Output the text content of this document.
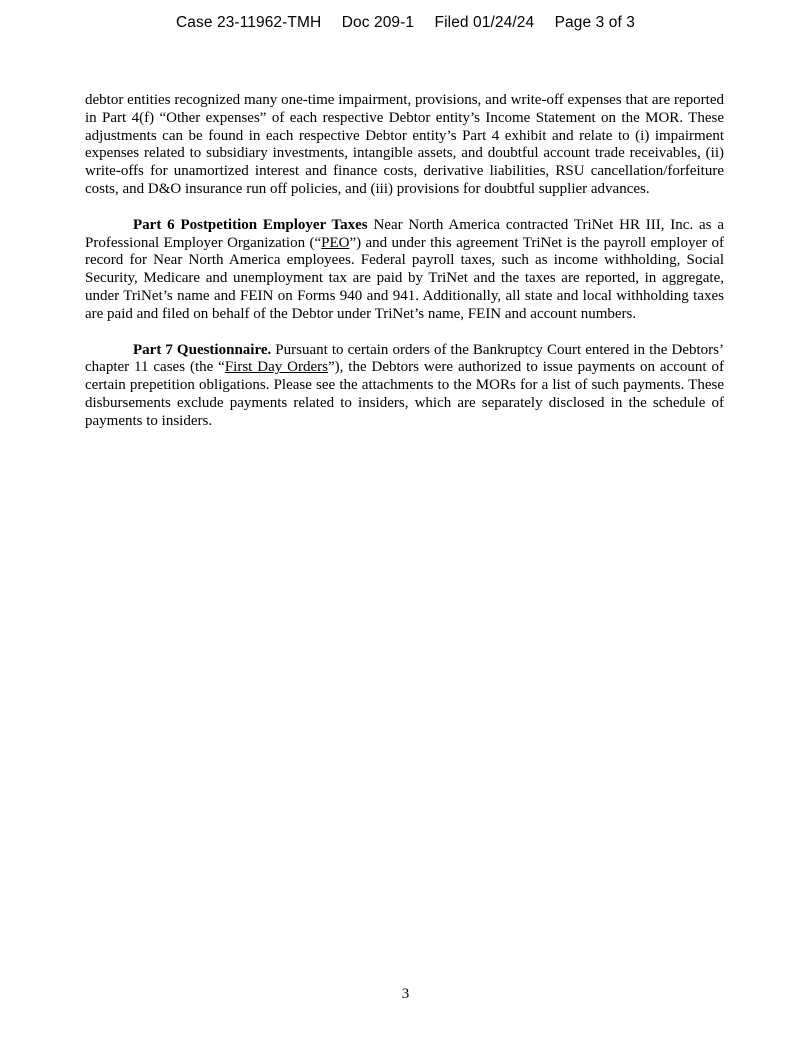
Case 23-11962-TMH Doc 209-1 Filed 01/24/24 Page 3 of 3

debtor entities recognized many one-time impairment, provisions, and write-off expenses that are reported in Part 4(f) “Other expenses” of each respective Debtor entity’s Income Statement on the MOR. These adjustments can be found in each respective Debtor entity’s Part 4 exhibit and relate to (i) impairment expenses related to subsidiary investments, intangible assets, and doubtful account trade receivables, (ii) write-offs for unamortized interest and finance costs, derivative liabilities, RSU cancellation/forfeiture costs, and D&O insurance run off policies, and (iii) provisions for doubtful supplier advances.

Part 6 Postpetition Employer Taxes Near North America contracted TriNet HR III, Inc. as a Professional Employer Organization (“PEO”) and under this agreement TriNet is the payroll employer of record for Near North America employees. Federal payroll taxes, such as income withholding, Social Security, Medicare and unemployment tax are paid by TriNet and the taxes are reported, in aggregate, under TriNet’s name and FEIN on Forms 940 and 941. Additionally, all state and local withholding taxes are paid and filed on behalf of the Debtor under TriNet’s name, FEIN and account numbers.

Part 7 Questionnaire. Pursuant to certain orders of the Bankruptcy Court entered in the Debtors’ chapter 11 cases (the “First Day Orders”), the Debtors were authorized to issue payments on account of certain prepetition obligations. Please see the attachments to the MORs for a list of such payments. These disbursements exclude payments related to insiders, which are separately disclosed in the schedule of payments to insiders.

3
